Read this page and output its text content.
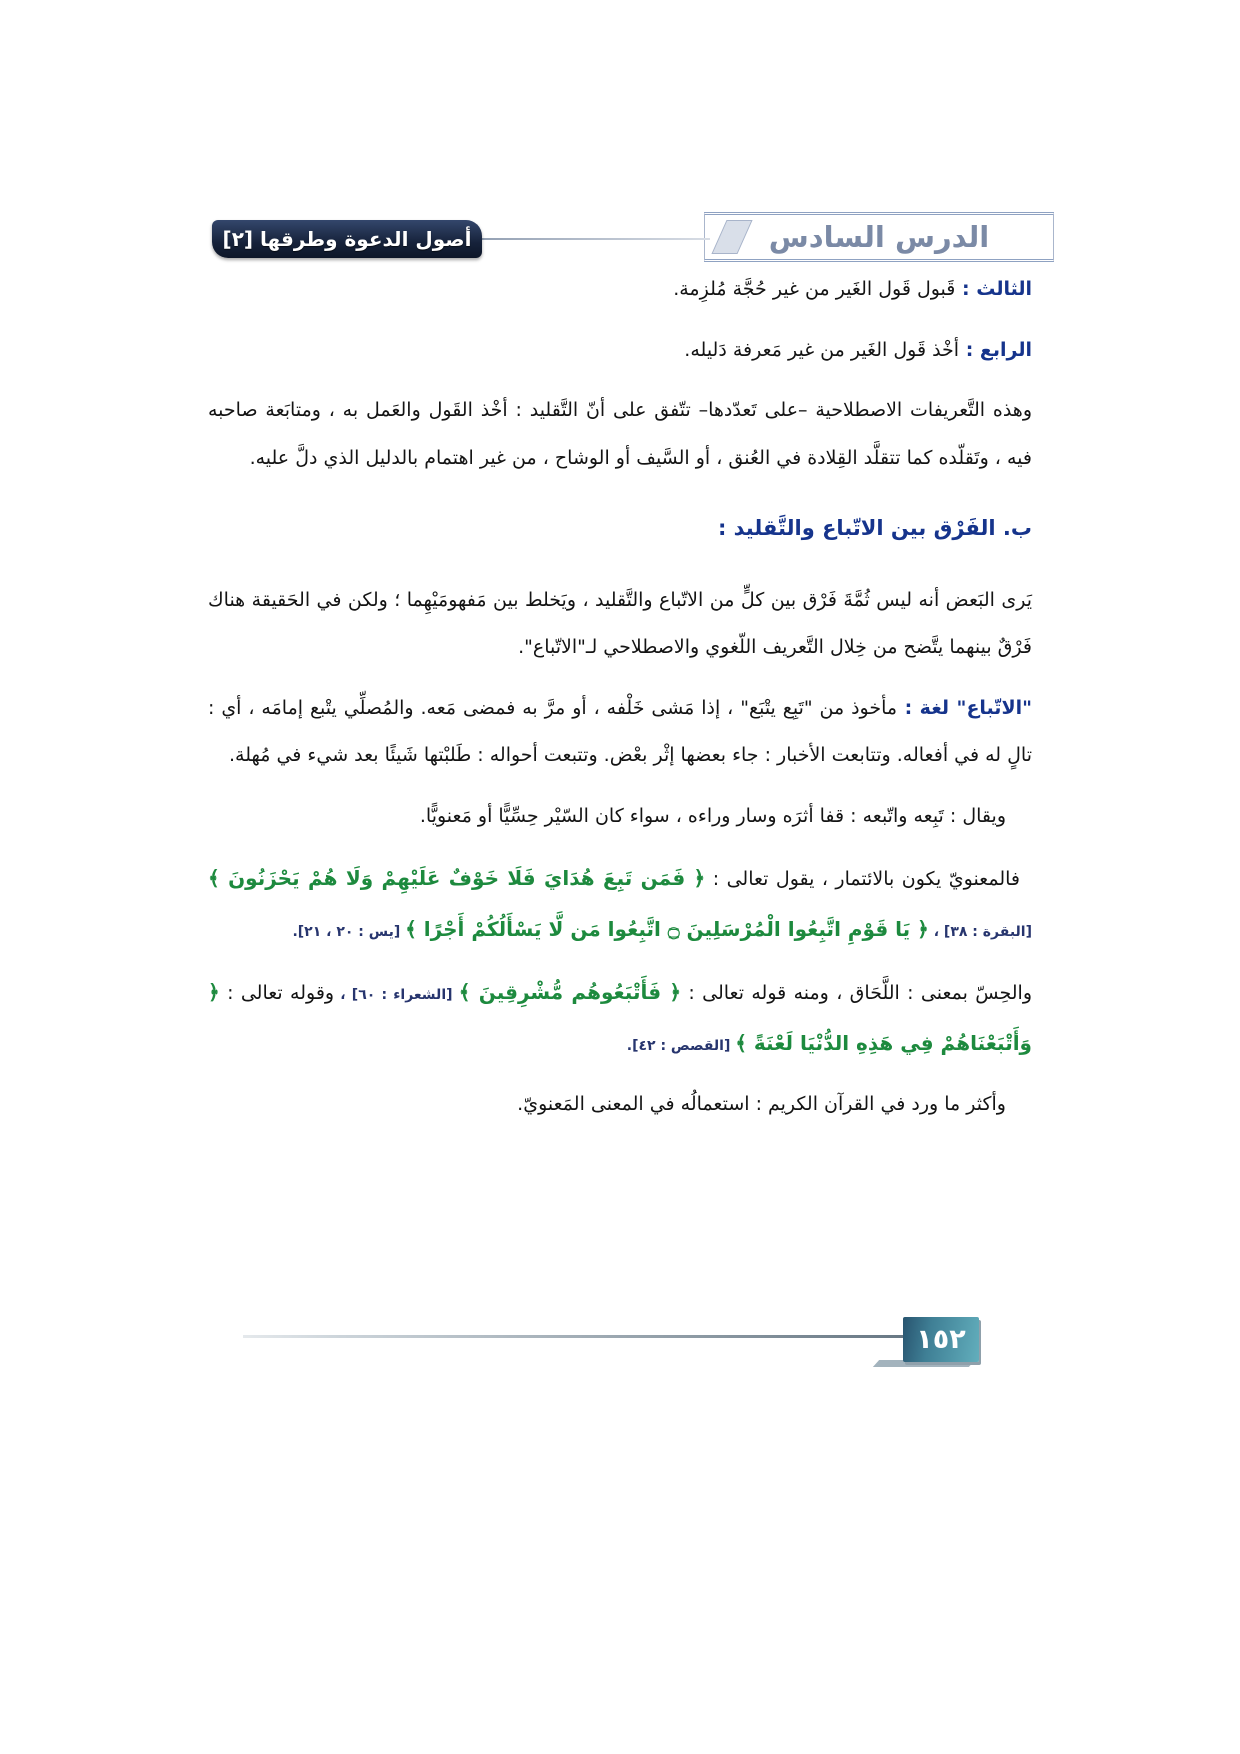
الدرس السادس
أصول الدعوة وطرقها [٢]

الثالث : قَبول قَول الغَير من غير حُجَّة مُلزِمة.

الرابع : أخْذ قَول الغَير من غير مَعرفة دَليله.

وهذه التَّعريفات الاصطلاحية –على تَعدّدها– تتّفق على أنّ التَّقليد : أخْذ القَول والعَمل به ، ومتابَعة صاحبه فيه ، وتَقلّده كما تتقلَّد القِلادة في العُنق ، أو السَّيف أو الوشاح ، من غير اهتمام بالدليل الذي دلَّ عليه.

ب. الفَرْق بين الاتّباع والتَّقليد :

يَرى البَعض أنه ليس ثُمَّةَ فَرْق بين كلٍّ من الاتّباع والتَّقليد ، ويَخلط بين مَفهومَيْهِما ؛ ولكن في الحَقيقة هناك فَرْقٌ بينهما يتَّضح من خِلال التَّعريف اللّغوي والاصطلاحي لـ"الاتّباع".

"الاتّباع" لغة : مأخوذ من "تَبِع يتْبَع" ، إذا مَشى خَلْفه ، أو مرَّ به فمضى مَعه. والمُصلِّي يتْبع إمامَه ، أي : تالٍ له في أفعاله. وتتابعت الأخبار : جاء بعضها إثْر بعْض. وتتبعت أحواله : طَلبْتها شَيئًا بعد شيء في مُهلة.

ويقال : تَبِعه واتّبعه : قفا أثرَه وسار وراءه ، سواء كان السّيْر حِسِّيًّا أو مَعنويًّا.

فالمعنويّ يكون بالائتمار ، يقول تعالى : ﴿ فَمَن تَبِعَ هُدَايَ فَلَا خَوْفٌ عَلَيْهِمْ وَلَا هُمْ يَحْزَنُونَ ﴾ [البقرة : ٣٨] ، ﴿ يَا قَوْمِ اتَّبِعُوا الْمُرْسَلِينَ ۝ اتَّبِعُوا مَن لَّا يَسْأَلُكُمْ أَجْرًا ﴾ [يس : ٢٠ ، ٢١].

والحِسّ بمعنى : اللَّحَاق ، ومنه قوله تعالى : ﴿ فَأَتْبَعُوهُم مُّشْرِقِينَ ﴾ [الشعراء : ٦٠] ، وقوله تعالى : ﴿ وَأَتْبَعْنَاهُمْ فِي هَذِهِ الدُّنْيَا لَعْنَةً ﴾ [القصص : ٤٢].

وأكثر ما ورد في القرآن الكريم : استعمالُه في المعنى المَعنويّ.

١٥٢
